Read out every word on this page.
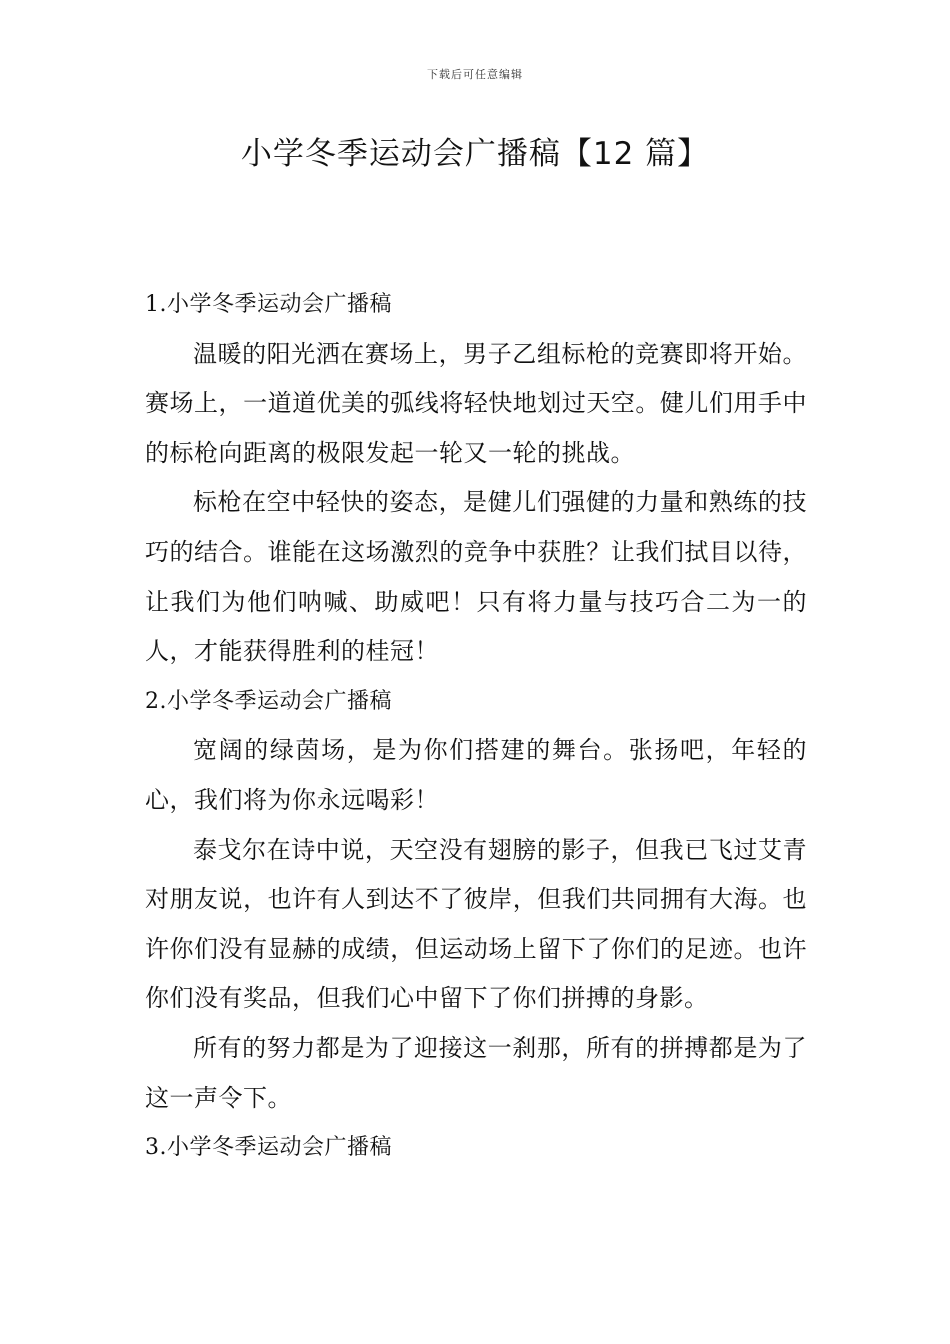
下载后可任意编辑
小学冬季运动会广播稿【12 篇】
1.小学冬季运动会广播稿

温暖的阳光洒在赛场上，男子乙组标枪的竞赛即将开始。赛场上，一道道优美的弧线将轻快地划过天空。健儿们用手中的标枪向距离的极限发起一轮又一轮的挑战。

标枪在空中轻快的姿态，是健儿们强健的力量和熟练的技巧的结合。谁能在这场激烈的竞争中获胜？让我们拭目以待，让我们为他们呐喊、助威吧！只有将力量与技巧合二为一的人，才能获得胜利的桂冠！

2.小学冬季运动会广播稿

宽阔的绿茵场，是为你们搭建的舞台。张扬吧，年轻的心，我们将为你永远喝彩！

泰戈尔在诗中说，天空没有翅膀的影子，但我已飞过艾青对朋友说，也许有人到达不了彼岸，但我们共同拥有大海。也许你们没有显赫的成绩，但运动场上留下了你们的足迹。也许你们没有奖品，但我们心中留下了你们拼搏的身影。

所有的努力都是为了迎接这一刹那，所有的拼搏都是为了这一声令下。

3.小学冬季运动会广播稿
